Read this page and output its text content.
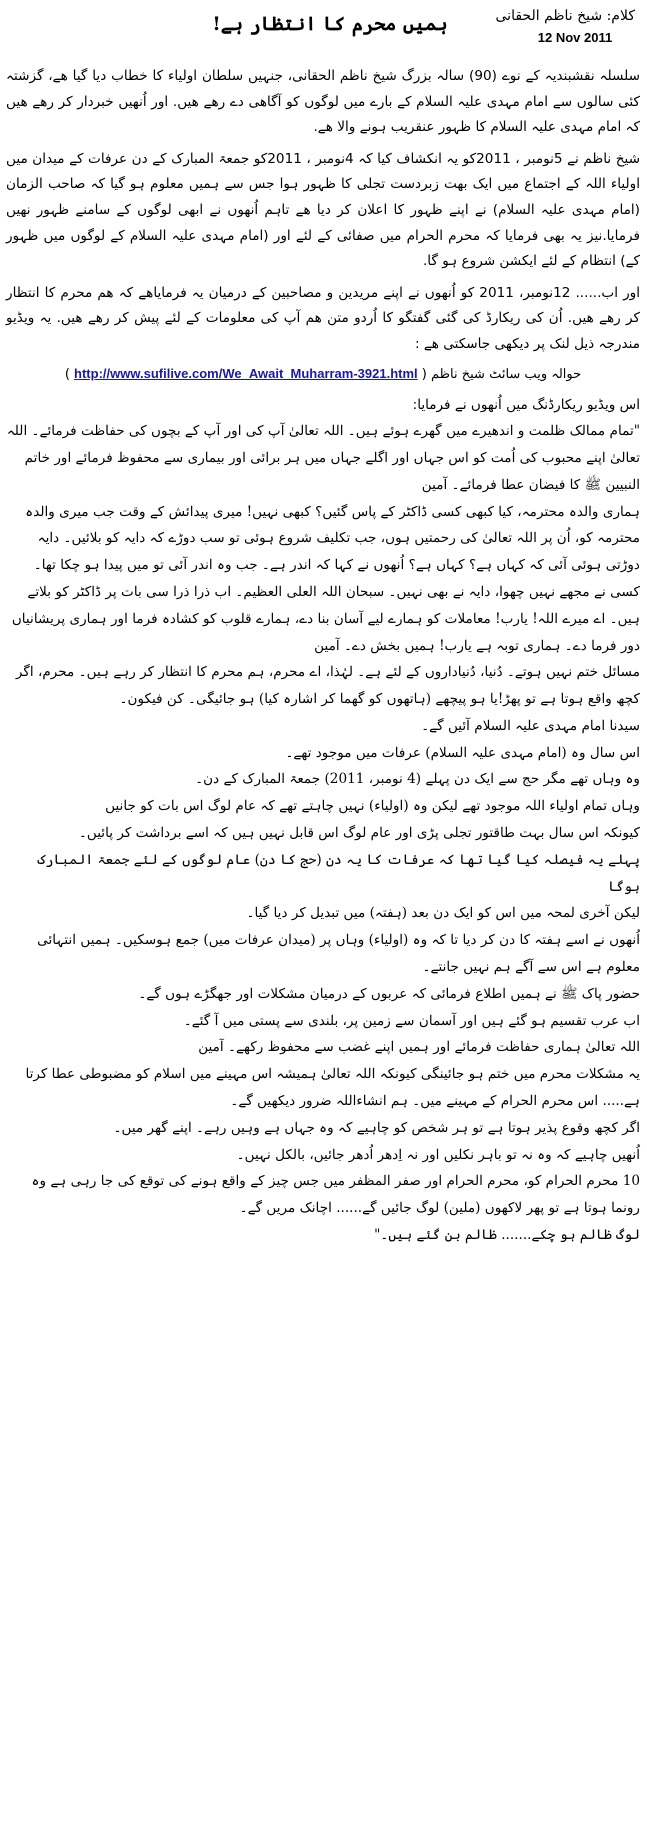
کلام: شیخ ناظم الحقانی
12 Nov 2011
ہمیں محرم کا انتظار ہے!

سلسلہ نقشبندیہ کے نوے (90) سالہ بزرگ شیخ ناظم الحقانی، جنہیں سلطان اولیاء کا خطاب دیا گیا ھے، گزشتہ کئی سالوں سے امام مہدی علیہ السلام کے بارے میں لوگوں کو آگاھی دے رھے ھیں. اور اُنھیں خبردار کر رھے ھیں کہ امام مہدی علیہ السلام کا ظہور عنقریب ہونے والا ھے.

شیخ ناظم نے 5نومبر ، 2011کو یہ انکشاف کیا کہ 4نومبر ، 2011کو جمعۃ المبارک کے دن عرفات کے میدان میں اولیاء اللہ کے اجتماع میں ایک بھت زبردست تجلی کا ظہور ہوا جس سے ہمیں معلوم ہو گیا کہ صاحب الزمان (امام مہدی علیہ السلام) نے اپنے ظہور کا اعلان کر دیا ھے تاہم اُنھوں نے ابھی لوگوں کے سامنے ظہور نھیں فرمایا.نیز یہ بھی فرمایا کہ محرم الحرام میں صفائی کے لئے اور (امام مہدی علیہ السلام کے لوگوں میں ظہور کے) انتظام کے لئے ایکشن شروع ہو گا.

اور اب...... 12نومبر، 2011 کو اُنھوں نے اپنے مریدین و مصاحبین کے درمیان یہ فرمایاھے کہ ھم محرم کا انتظار کر رھے ھیں. اُن کی ریکارڈ کی گئی گفتگو کا اُردو متن ھم آپ کی معلومات کے لئے پیش کر رھے ھیں. یہ ویڈیو مندرجہ ذیل لنک پر دیکھی جاسکتی ھے :

( http://www.sufilive.com/We_Await_Muharram-3921.html ) حوالہ ویب سائٹ شیخ ناظم

اس ویڈیو ریکارڈنگ میں اُنھوں نے فرمایا:

"تمام ممالک ظلمت و اندھیرے میں گھرے ہوئے ہیں۔ اللہ تعالیٰ آپ کی اور آپ کے بچوں کی حفاظت فرمائے۔ اللہ تعالیٰ اپنے محبوب کی اُمت کو اس جہاں اور اگلے جہاں میں ہر برائی اور بیماری سے محفوظ فرمائے اور خاتم النبیین ﷺ کا فیضان عطا فرمائے۔ آمین

ہماری والدہ محترمہ، کیا کبھی کسی ڈاکٹر کے پاس گئیں؟ کبھی نہیں! میری پیدائش کے وقت جب میری والدہ محترمہ کو، اُن پر اللہ تعالیٰ کی رحمتیں ہوں، جب تکلیف شروع ہوئی تو سب دوڑے کہ دایہ کو بلائیں۔ دایہ دوڑتی ہوئی آئی کہ کہاں ہے؟ کہاں ہے؟ اُنھوں نے کہا کہ اندر ہے۔ جب وہ اندر آئی تو میں پیدا ہو چکا تھا۔ کسی نے مجھے نہیں چھوا، دایہ نے بھی نہیں۔ سبحان اللہ العلی العظیم۔ اب ذرا ذرا سی بات پر ڈاکٹر کو بلاتے ہیں۔ اے میرے اللہ! یارب! معاملات کو ہمارے لیے آسان بنا دے، ہمارے قلوب کو کشادہ فرما اور ہماری پریشانیاں دور فرما دے۔ ہماری توبہ ہے یارب! ہمیں بخش دے۔ آمین

مسائل ختم نہیں ہوتے۔ دُنیا، دُنیاداروں کے لئے ہے۔ لہٰذا، اے محرم، ہم محرم کا انتظار کر رہے ہیں۔ محرم، اگر کچھ واقع ہوتا ہے تو پھڑ!یا ہو پیچھے (ہاتھوں کو گھما کر اشارہ کیا) ہو جائیگی۔ کن فیکون۔

سیدنا امام مہدی علیہ السلام آئیں گے۔

اس سال وہ (امام مہدی علیہ السلام) عرفات میں موجود تھے۔

وہ وہاں تھے مگر حج سے ایک دن پہلے (4 نومبر، 2011) جمعۃ المبارک کے دن۔

وہاں تمام اولیاء اللہ موجود تھے لیکن وہ (اولیاء) نہیں چاہتے تھے کہ عام لوگ اس بات کو جانیں

کیونکہ اس سال بہت طاقتور تجلی پڑی اور عام لوگ اس قابل نہیں ہیں کہ اسے برداشت کر پائیں۔

پہلے یہ فیصلہ کیا گیا تھا کہ عرفات کا یہ دن (حج کا دن) عام لوگوں کے لئے جمعۃ المبارک ہوگا

لیکن آخری لمحہ میں اس کو ایک دن بعد (ہفتہ) میں تبدیل کر دیا گیا۔

اُنھوں نے اسے ہفتہ کا دن کر دیا تا کہ وہ (اولیاء) وہاں پر (میدان عرفات میں) جمع ہوسکیں۔ ہمیں انتہائی معلوم ہے اس سے آگے ہم نہیں جانتے۔

حضور پاک ﷺ نے ہمیں اطلاع فرمائی کہ عربوں کے درمیان مشکلات اور جھگڑے ہوں گے۔

اب عرب تقسیم ہو گئے ہیں اور آسمان سے زمین پر، بلندی سے پستی میں آ گئے۔

اللہ تعالیٰ ہماری حفاظت فرمائے اور ہمیں اپنے غضب سے محفوظ رکھے۔ آمین

یہ مشکلات محرم میں ختم ہو جائینگی کیونکہ اللہ تعالیٰ ہمیشہ اس مہینے میں اسلام کو مضبوطی عطا کرتا ہے..... اس محرم الحرام کے مہینے میں۔ ہم انشاءاللہ ضرور دیکھیں گے۔

اگر کچھ وقوع پذیر ہوتا ہے تو ہر شخص کو چاہیے کہ وہ جہاں ہے وہیں رہے۔ اپنے گھر میں۔

اُنھیں چاہیے کہ وہ نہ تو باہر نکلیں اور نہ اِدھر اُدھر جائیں، بالکل نہیں۔

10 محرم الحرام کو، محرم الحرام اور صفر المظفر میں جس چیز کے واقع ہونے کی توقع کی جا رہی ہے وہ رونما ہوتا ہے تو پھر لاکھوں (ملین) لوگ جائیں گے...... اچانک مریں گے۔

لوگ ظالم ہو چکے....... ظالم بن گئے ہیں۔"
